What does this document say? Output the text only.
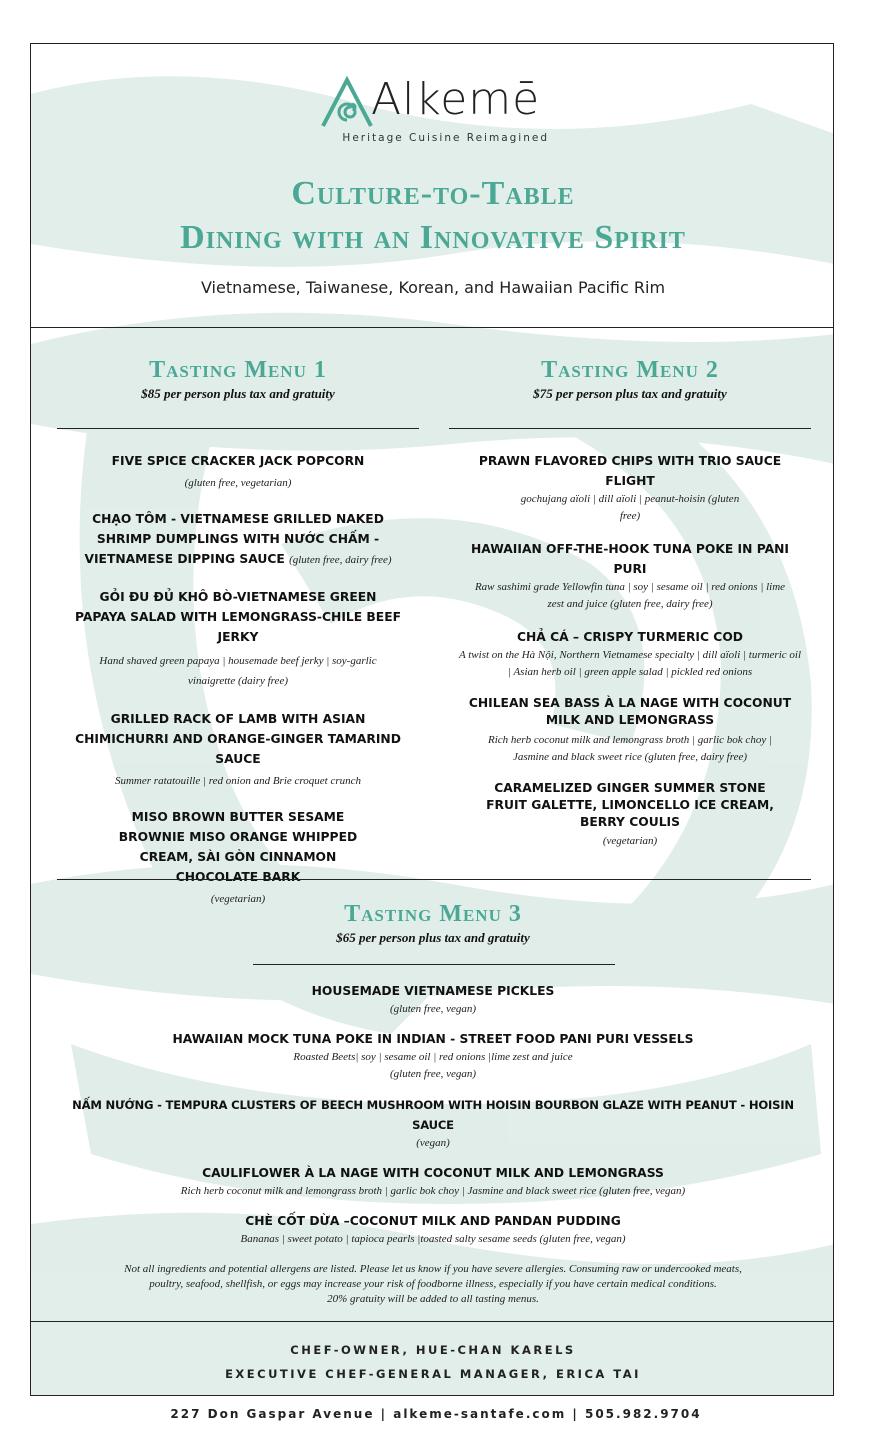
Alkemē
Heritage Cuisine Reimagined
Culture-to-Table
Dining with an Innovative Spirit
Vietnamese, Taiwanese, Korean, and Hawaiian Pacific Rim
Tasting Menu 1
$85 per person plus tax and gratuity
FIVE SPICE CRACKER JACK POPCORN
(gluten free, vegetarian)
CHẠO TÔM - VIETNAMESE GRILLED NAKED SHRIMP DUMPLINGS WITH NƯỚC CHẤM - VIETNAMESE DIPPING SAUCE (gluten free, dairy free)
GỎI ĐU ĐỦ KHÔ BÒ-VIETNAMESE GREEN PAPAYA SALAD WITH LEMONGRASS-CHILE BEEF JERKY
Hand shaved green papaya | housemade beef jerky | soy-garlic vinaigrette (dairy free)
GRILLED RACK OF LAMB WITH ASIAN CHIMICHURRI AND ORANGE-GINGER TAMARIND SAUCE
Summer ratatouille | red onion and Brie croquet crunch
MISO BROWN BUTTER SESAME BROWNIE MISO ORANGE WHIPPED CREAM, SÀI GÒN CINNAMON CHOCOLATE BARK
(vegetarian)
Tasting Menu 2
$75 per person plus tax and gratuity
PRAWN FLAVORED CHIPS WITH TRIO SAUCE FLIGHT
gochujang aïoli | dill aïoli | peanut-hoisin (gluten free)
HAWAIIAN OFF-THE-HOOK TUNA POKE IN PANI PURI
Raw sashimi grade Yellowfin tuna | soy | sesame oil | red onions | lime zest and juice (gluten free, dairy free)
CHẢ CÁ – CRISPY TURMERIC COD
A twist on the Hà Nội, Northern Vietnamese specialty | dill aïoli | turmeric oil | Asian herb oil | green apple salad | pickled red onions
CHILEAN SEA BASS À LA NAGE WITH COCONUT MILK AND LEMONGRASS
Rich herb coconut milk and lemongrass broth | garlic bok choy | Jasmine and black sweet rice (gluten free, dairy free)
CARAMELIZED GINGER SUMMER STONE FRUIT GALETTE, LIMONCELLO ICE CREAM, BERRY COULIS
(vegetarian)
Tasting Menu 3
$65 per person plus tax and gratuity
HOUSEMADE VIETNAMESE PICKLES
(gluten free, vegan)
HAWAIIAN MOCK TUNA POKE IN INDIAN - STREET FOOD PANI PURI VESSELS
Roasted Beets| soy | sesame oil | red onions |lime zest and juice (gluten free, vegan)
NẤM NƯỚNG - TEMPURA CLUSTERS OF BEECH MUSHROOM WITH HOISIN BOURBON GLAZE WITH PEANUT - HOISIN SAUCE
(vegan)
CAULIFLOWER À LA NAGE WITH COCONUT MILK AND LEMONGRASS
Rich herb coconut milk and lemongrass broth | garlic bok choy | Jasmine and black sweet rice (gluten free, vegan)
CHÈ CỐT DỪA –COCONUT MILK AND PANDAN PUDDING
Bananas | sweet potato | tapioca pearls |toasted salty sesame seeds (gluten free, vegan)
Not all ingredients and potential allergens are listed. Please let us know if you have severe allergies. Consuming raw or undercooked meats,
poultry, seafood, shellfish, or eggs may increase your risk of foodborne illness, especially if you have certain medical conditions.
20% gratuity will be added to all tasting menus.
CHEF-OWNER, HUE-CHAN KARELS
EXECUTIVE CHEF-GENERAL MANAGER, ERICA TAI
227 Don Gaspar Avenue | alkeme-santafe.com | 505.982.9704
